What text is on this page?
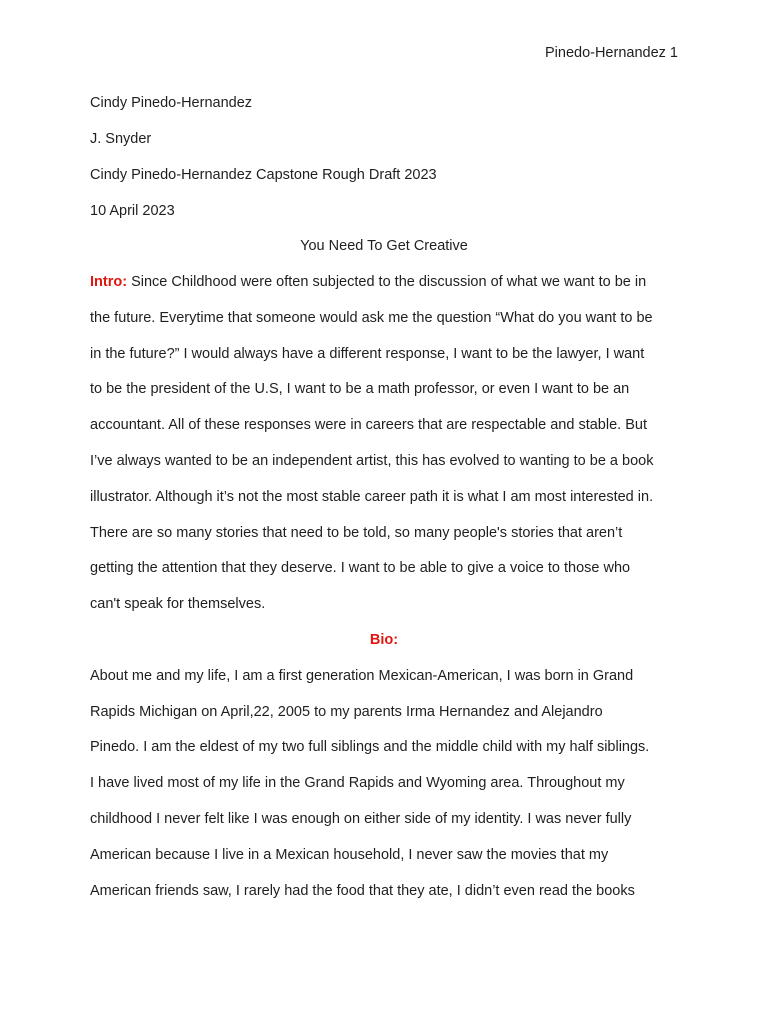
Pinedo-Hernandez 1
Cindy Pinedo-Hernandez
J. Snyder
Cindy Pinedo-Hernandez Capstone Rough Draft 2023
10 April 2023
You Need To Get Creative
Intro: Since Childhood were often subjected to the discussion of what we want to be in
the future. Everytime that someone would ask me the question “What do you want to be
in the future?” I would always have a different response, I want to be the lawyer, I want
to be the president of the U.S, I want to be a math professor, or even I want to be an
accountant. All of these responses were in careers that are respectable and stable. But
I’ve always wanted to be an independent artist, this has evolved to wanting to be a book
illustrator. Although it’s not the most stable career path it is what I am most interested in.
There are so many stories that need to be told, so many people's stories that aren’t
getting the attention that they deserve. I want to be able to give a voice to those who
can't speak for themselves.
Bio:
About me and my life, I am a first generation Mexican-American, I was born in Grand
Rapids Michigan on April,22, 2005 to my parents Irma Hernandez and Alejandro
Pinedo. I am the eldest of my two full siblings and the middle child with my half siblings.
I have lived most of my life in the Grand Rapids and Wyoming area. Throughout my
childhood I never felt like I was enough on either side of my identity. I was never fully
American because I live in a Mexican household, I never saw the movies that my
American friends saw, I rarely had the food that they ate, I didn’t even read the books
